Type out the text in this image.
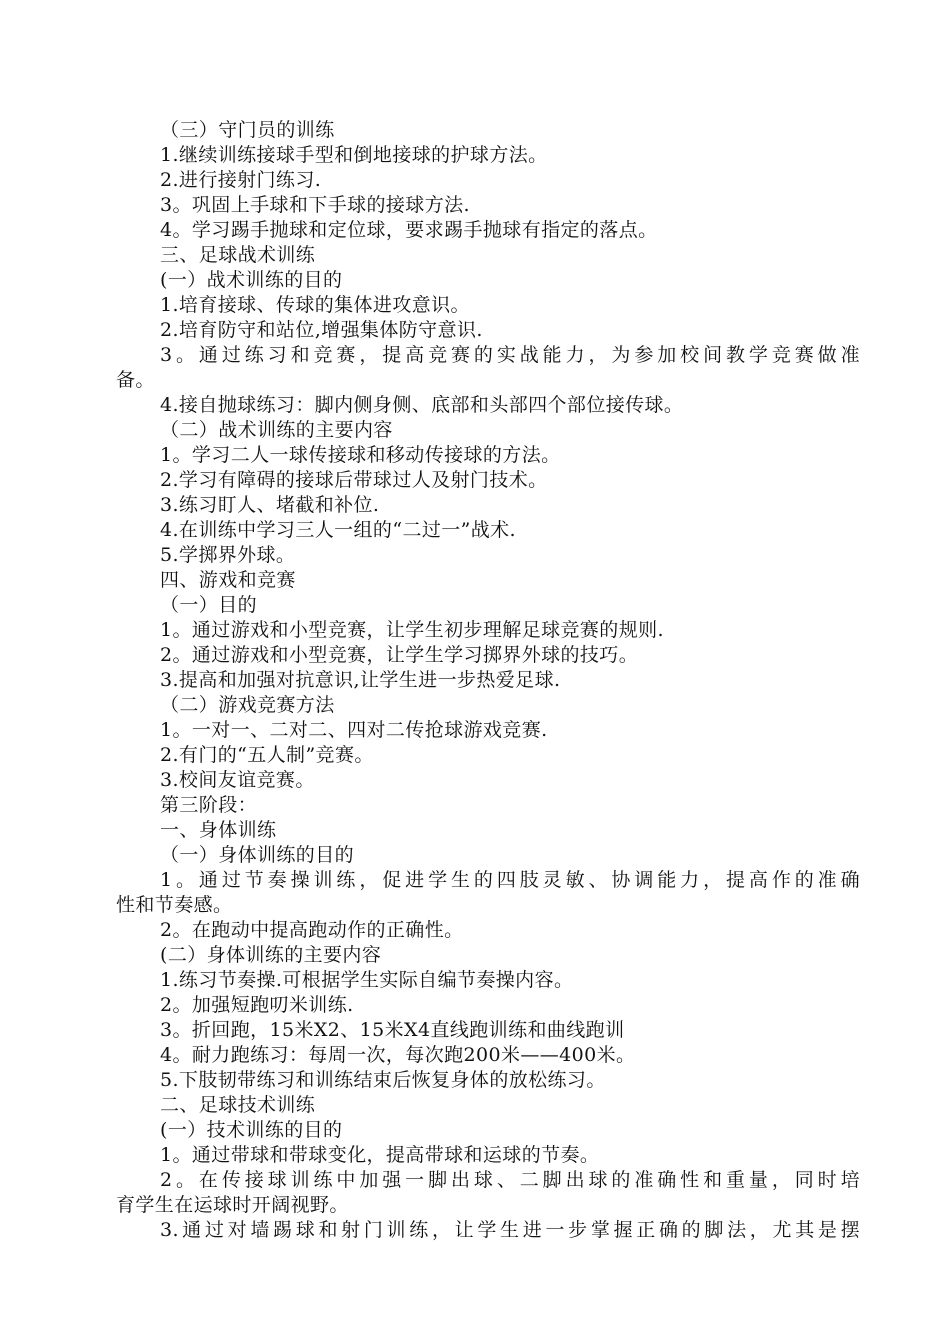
（三）守门员的训练
1.继续训练接球手型和倒地接球的护球方法。
2.进行接射门练习.
3。巩固上手球和下手球的接球方法.
4。学习踢手抛球和定位球，要求踢手抛球有指定的落点。
三、足球战术训练
(一）战术训练的目的
1.培育接球、传球的集体进攻意识。
2.培育防守和站位,增强集体防守意识.
3。通过练习和竞赛，提高竞赛的实战能力，为参加校间教学竞赛做准
备。
4.接自抛球练习：脚内侧身侧、底部和头部四个部位接传球。
（二）战术训练的主要内容
1。学习二人一球传接球和移动传接球的方法。
2.学习有障碍的接球后带球过人及射门技术。
3.练习盯人、堵截和补位.
4.在训练中学习三人一组的“二过一”战术.
5.学掷界外球。
四、游戏和竞赛
（一）目的
1。通过游戏和小型竞赛，让学生初步理解足球竞赛的规则.
2。通过游戏和小型竞赛，让学生学习掷界外球的技巧。
3.提高和加强对抗意识,让学生进一步热爱足球.
（二）游戏竞赛方法
1。一对一、二对二、四对二传抢球游戏竞赛.
2.有门的“五人制”竞赛。
3.校间友谊竞赛。
第三阶段：
一、身体训练
（一）身体训练的目的
1。通过节奏操训练，促进学生的四肢灵敏、协调能力，提高作的准确
性和节奏感。
2。在跑动中提高跑动作的正确性。
(二）身体训练的主要内容
1.练习节奏操.可根据学生实际自编节奏操内容。
2。加强短跑叨米训练.
3。折回跑，15米X2、15米X4直线跑训练和曲线跑训
4。耐力跑练习：每周一次，每次跑200米——400米。
5.下肢韧带练习和训练结束后恢复身体的放松练习。
二、足球技术训练
(一）技术训练的目的
1。通过带球和带球变化，提高带球和运球的节奏。
2。在传接球训练中加强一脚出球、二脚出球的准确性和重量，同时培
育学生在运球时开阔视野。
3.通过对墙踢球和射门训练，让学生进一步掌握正确的脚法，尤其是摆
